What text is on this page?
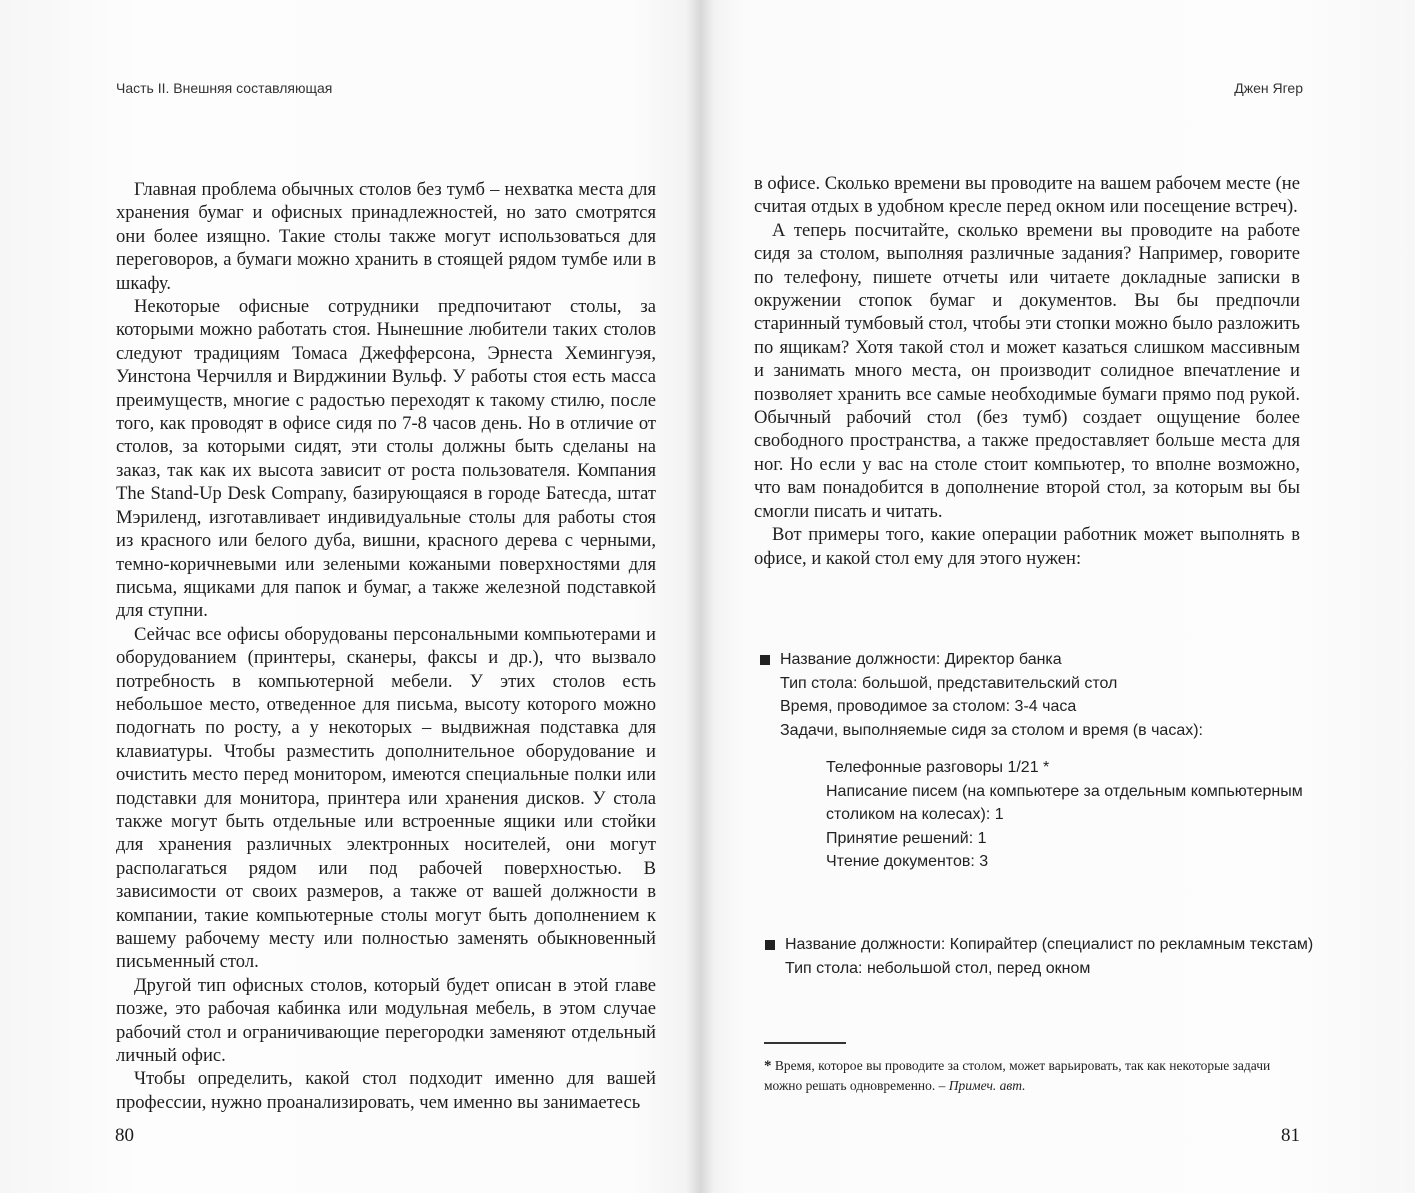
Часть II. Внешняя составляющая

Главная проблема обычных столов без тумб – нехватка места для хранения бумаг и офисных принадлежностей, но зато смотрятся они более изящно. Такие столы также могут использоваться для переговоров, а бумаги можно хранить в стоящей рядом тумбе или в шкафу.

Некоторые офисные сотрудники предпочитают столы, за которыми можно работать стоя. Нынешние любители таких столов следуют традициям Томаса Джефферсона, Эрнеста Хемингуэя, Уинстона Черчилля и Вирджинии Вульф. У работы стоя есть масса преимуществ, многие с радостью переходят к такому стилю, после того, как проводят в офисе сидя по 7-8 часов день. Но в отличие от столов, за которыми сидят, эти столы должны быть сделаны на заказ, так как их высота зависит от роста пользователя. Компания The Stand-Up Desk Company, базирующаяся в городе Батесда, штат Мэриленд, изготавливает индивидуальные столы для работы стоя из красного или белого дуба, вишни, красного дерева с черными, темно-коричневыми или зелеными кожаными поверхностями для письма, ящиками для папок и бумаг, а также железной подставкой для ступни.

Сейчас все офисы оборудованы персональными компьютерами и оборудованием (принтеры, сканеры, факсы и др.), что вызвало потребность в компьютерной мебели. У этих столов есть небольшое место, отведенное для письма, высоту которого можно подогнать по росту, а у некоторых – выдвижная подставка для клавиатуры. Чтобы разместить дополнительное оборудование и очистить место перед монитором, имеются специальные полки или подставки для монитора, принтера или хранения дисков. У стола также могут быть отдельные или встроенные ящики или стойки для хранения различных электронных носителей, они могут располагаться рядом или под рабочей поверхностью. В зависимости от своих размеров, а также от вашей должности в компании, такие компьютерные столы могут быть дополнением к вашему рабочему месту или полностью заменять обыкновенный письменный стол.

Другой тип офисных столов, который будет описан в этой главе позже, это рабочая кабинка или модульная мебель, в этом случае рабочий стол и ограничивающие перегородки заменяют отдельный личный офис.

Чтобы определить, какой стол подходит именно для вашей профессии, нужно проанализировать, чем именно вы занимаетесь

80
Джен Ягер

в офисе. Сколько времени вы проводите на вашем рабочем месте (не считая отдых в удобном кресле перед окном или посещение встреч).

А теперь посчитайте, сколько времени вы проводите на работе сидя за столом, выполняя различные задания? Например, говорите по телефону, пишете отчеты или читаете докладные записки в окружении стопок бумаг и документов. Вы бы предпочли старинный тумбовый стол, чтобы эти стопки можно было разложить по ящикам? Хотя такой стол и может казаться слишком массивным и занимать много места, он производит солидное впечатление и позволяет хранить все самые необходимые бумаги прямо под рукой. Обычный рабочий стол (без тумб) создает ощущение более свободного пространства, а также предоставляет больше места для ног. Но если у вас на столе стоит компьютер, то вполне возможно, что вам понадобится в дополнение второй стол, за которым вы бы смогли писать и читать.

Вот примеры того, какие операции работник может выполнять в офисе, и какой стол ему для этого нужен:

Название должности: Директор банка
Тип стола: большой, представительский стол
Время, проводимое за столом: 3-4 часа
Задачи, выполняемые сидя за столом и время (в часах):
Телефонные разговоры 1/21 *
Написание писем (на компьютере за отдельным компьютерным
столиком на колесах): 1
Принятие решений: 1
Чтение документов: 3
Название должности: Копирайтер (специалист по рекламным текстам)
Тип стола: небольшой стол, перед окном
* Время, которое вы проводите за столом, может варьировать, так как некоторые задачи можно решать одновременно. – Примеч. авт.
81
